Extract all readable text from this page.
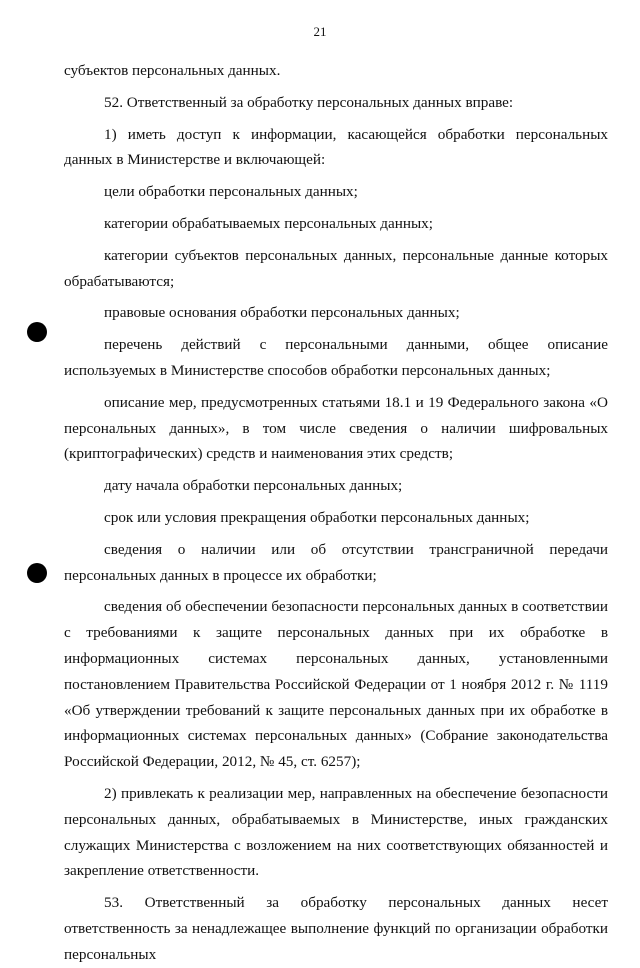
21

субъектов персональных данных.

52. Ответственный за обработку персональных данных вправе:

1) иметь доступ к информации, касающейся обработки персональных данных в Министерстве и включающей:

цели обработки персональных данных;

категории обрабатываемых персональных данных;

категории субъектов персональных данных, персональные данные которых обрабатываются;

правовые основания обработки персональных данных;

перечень действий с персональными данными, общее описание используемых в Министерстве способов обработки персональных данных;

описание мер, предусмотренных статьями 18.1 и 19 Федерального закона «О персональных данных», в том числе сведения о наличии шифровальных (криптографических) средств и наименования этих средств;

дату начала обработки персональных данных;

срок или условия прекращения обработки персональных данных;

сведения о наличии или об отсутствии трансграничной передачи персональных данных в процессе их обработки;

сведения об обеспечении безопасности персональных данных в соответствии с требованиями к защите персональных данных при их обработке в информационных системах персональных данных, установленными постановлением Правительства Российской Федерации от 1 ноября 2012 г. № 1119 «Об утверждении требований к защите персональных данных при их обработке в информационных системах персональных данных» (Собрание законодательства Российской Федерации, 2012, № 45, ст. 6257);

2) привлекать к реализации мер, направленных на обеспечение безопасности персональных данных, обрабатываемых в Министерстве, иных гражданских служащих Министерства с возложением на них соответствующих обязанностей и закрепление ответственности.

53. Ответственный за обработку персональных данных несет ответственность за ненадлежащее выполнение функций по организации обработки персональных
